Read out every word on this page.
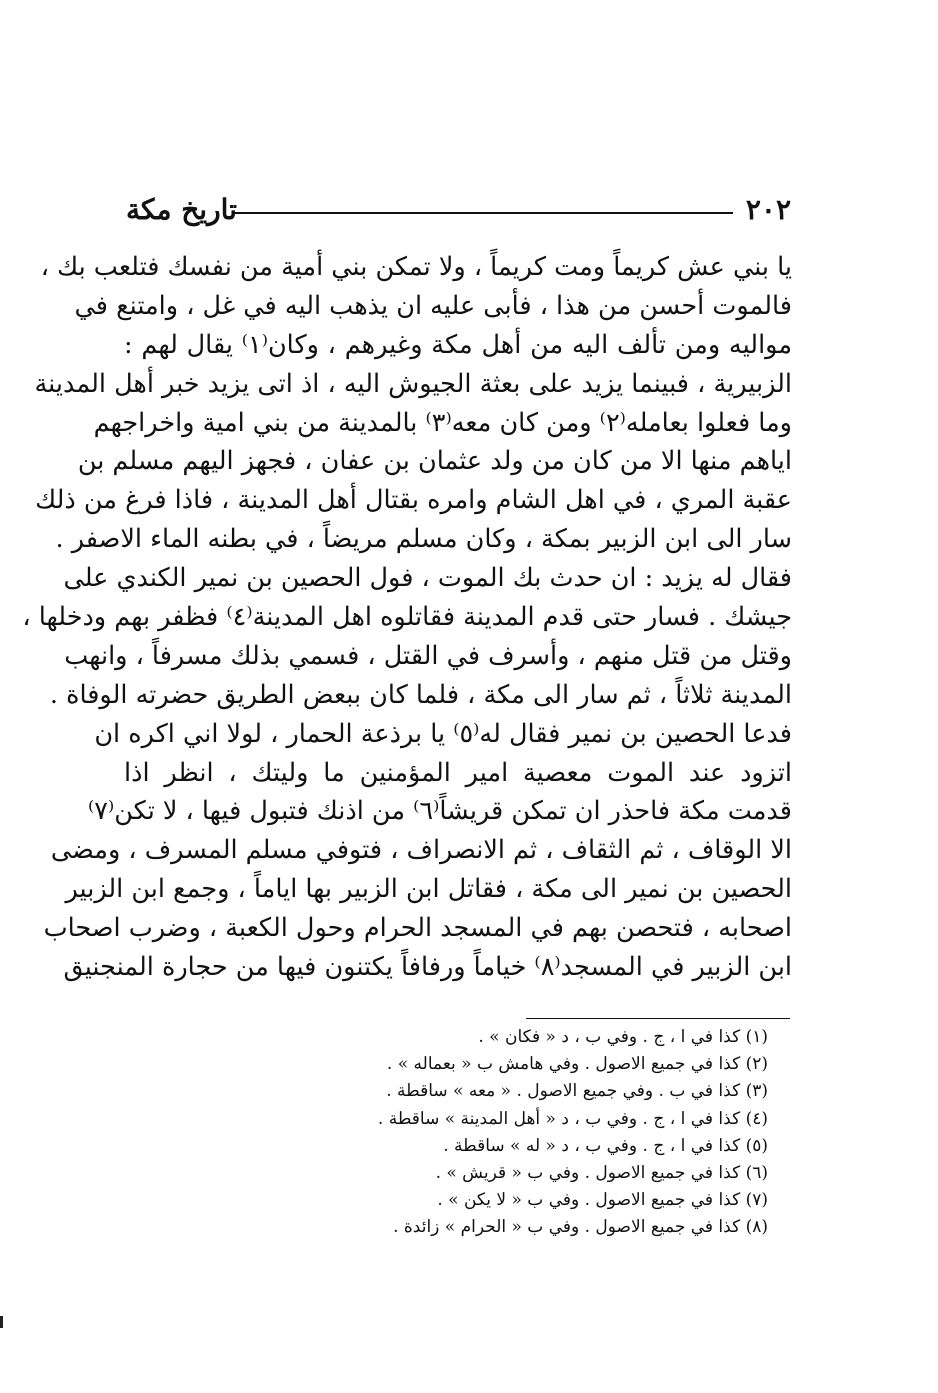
٢٠٢
تاريخ مكة
يا بني عش كريماً ومت كريماً ، ولا تمكن بني أمية من نفسك فتلعب بك ،
فالموت أحسن من هذا ، فأبى عليه ان يذهب اليه في غل ، وامتنع في
مواليه ومن تألف اليه من أهل مكة وغيرهم ، وكان⁽١⁾ يقال لهم :
الزبيرية ، فبينما يزيد على بعثة الجيوش اليه ، اذ اتى يزيد خبر أهل المدينة
وما فعلوا بعامله⁽٢⁾ ومن كان معه⁽٣⁾ بالمدينة من بني امية واخراجهم
اياهم منها الا من كان من ولد عثمان بن عفان ، فجهز اليهم مسلم بن
عقبة المري ، في اهل الشام وامره بقتال أهل المدينة ، فاذا فرغ من ذلك
سار الى ابن الزبير بمكة ، وكان مسلم مريضاً ، في بطنه الماء الاصفر .
فقال له يزيد : ان حدث بك الموت ، فول الحصين بن نمير الكندي على
جيشك . فسار حتى قدم المدينة فقاتلوه اهل المدينة⁽٤⁾ فظفر بهم ودخلها ،
وقتل من قتل منهم ، وأسرف في القتل ، فسمي بذلك مسرفاً ، وانهب
المدينة ثلاثاً ، ثم سار الى مكة ، فلما كان ببعض الطريق حضرته الوفاة .
فدعا الحصين بن نمير فقال له⁽٥⁾ يا برذعة الحمار ، لولا اني اكره ان
اتزود عند الموت معصية امير المؤمنين ما وليتك ، انظر اذا
قدمت مكة فاحذر ان تمكن قريشاً⁽٦⁾ من اذنك فتبول فيها ، لا تكن⁽٧⁾
الا الوقاف ، ثم الثقاف ، ثم الانصراف ، فتوفي مسلم المسرف ، ومضى
الحصين بن نمير الى مكة ، فقاتل ابن الزبير بها اياماً ، وجمع ابن الزبير
اصحابه ، فتحصن بهم في المسجد الحرام وحول الكعبة ، وضرب اصحاب
ابن الزبير في المسجد⁽٨⁾ خياماً ورفافاً يكتنون فيها من حجارة المنجنيق
(١) كذا في ا ، ج . وفي ب ، د « فكان » .
(٢) كذا في جميع الاصول . وفي هامش ب « بعماله » .
(٣) كذا في ب . وفي جميع الاصول . « معه » ساقطة .
(٤) كذا في ا ، ج . وفي ب ، د « أهل المدينة » ساقطة .
(٥) كذا في ا ، ج . وفي ب ، د « له » ساقطة .
(٦) كذا في جميع الاصول . وفي ب « قريش » .
(٧) كذا في جميع الاصول . وفي ب « لا يكن » .
(٨) كذا في جميع الاصول . وفي ب « الحرام » زائدة .
